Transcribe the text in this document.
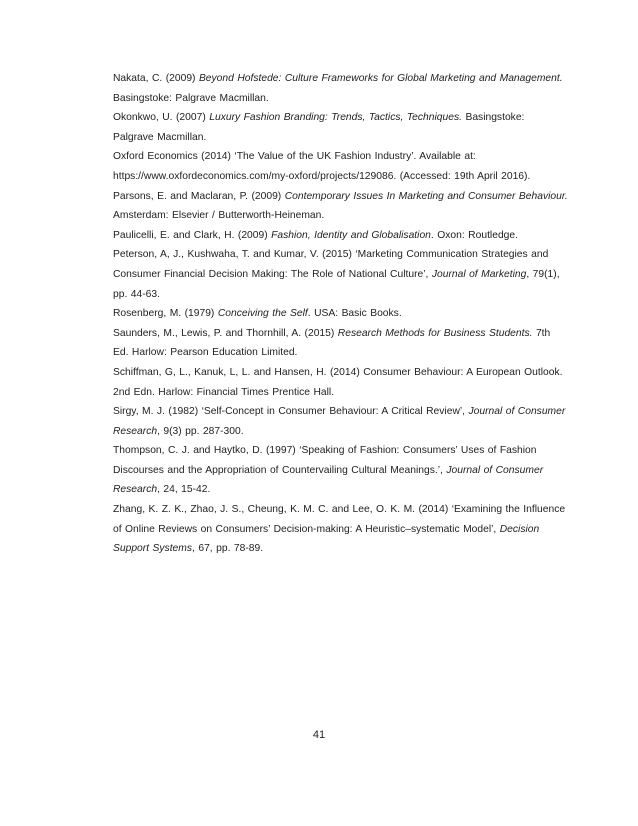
Nakata, C. (2009) Beyond Hofstede: Culture Frameworks for Global Marketing and Management. Basingstoke: Palgrave Macmillan.

Okonkwo, U. (2007) Luxury Fashion Branding: Trends, Tactics, Techniques. Basingstoke: Palgrave Macmillan.

Oxford Economics (2014) ‘The Value of the UK Fashion Industry’. Available at: https://www.oxfordeconomics.com/my-oxford/projects/129086. (Accessed: 19th April 2016).

Parsons, E. and Maclaran, P. (2009) Contemporary Issues In Marketing and Consumer Behaviour. Amsterdam: Elsevier / Butterworth-Heineman.

Paulicelli, E. and Clark, H. (2009) Fashion, Identity and Globalisation. Oxon: Routledge.

Peterson, A, J., Kushwaha, T. and Kumar, V. (2015) ‘Marketing Communication Strategies and Consumer Financial Decision Making: The Role of National Culture’, Journal of Marketing, 79(1), pp. 44-63.

Rosenberg, M. (1979) Conceiving the Self. USA: Basic Books.

Saunders, M., Lewis, P. and Thornhill, A. (2015) Research Methods for Business Students. 7th Ed. Harlow: Pearson Education Limited.

Schiffman, G, L., Kanuk, L, L. and Hansen, H. (2014) Consumer Behaviour: A European Outlook. 2nd Edn. Harlow: Financial Times Prentice Hall.

Sirgy, M. J. (1982) ‘Self-Concept in Consumer Behaviour: A Critical Review’, Journal of Consumer Research, 9(3) pp. 287-300.

Thompson, C. J. and Haytko, D. (1997) ‘Speaking of Fashion: Consumers’ Uses of Fashion Discourses and the Appropriation of Countervailing Cultural Meanings.’, Journal of Consumer Research, 24, 15-42.

Zhang, K. Z. K., Zhao, J. S., Cheung, K. M. C. and Lee, O. K. M. (2014) ‘Examining the Influence of Online Reviews on Consumers’ Decision-making: A Heuristic–systematic Model’, Decision Support Systems, 67, pp. 78-89.

41
